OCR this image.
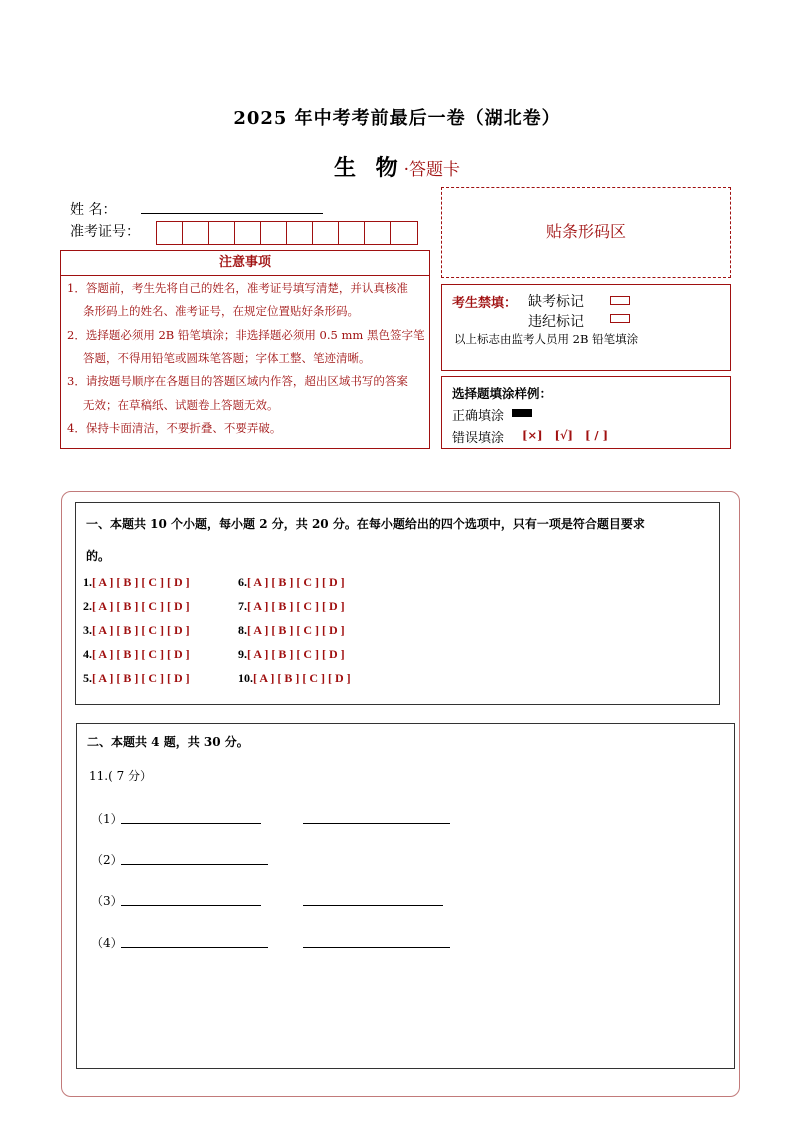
2025 年中考考前最后一卷（湖北卷）
生 物·答题卡
姓 名：
准考证号：
注意事项
1．答题前，考生先将自己的姓名，准考证号填写清楚，并认真核准
条形码上的姓名、准考证号，在规定位置贴好条形码。
2．选择题必须用 2B 铅笔填涂；非选择题必须用 0.5 mm 黑色签字笔
答题，不得用铅笔或圆珠笔答题；字体工整、笔迹清晰。
3．请按题号顺序在各题目的答题区域内作答，超出区域书写的答案
无效；在草稿纸、试题卷上答题无效。
4．保持卡面清洁，不要折叠、不要弄破。
贴条形码区
考生禁填： 缺考标记
违纪标记
以上标志由监考人员用 2B 铅笔填涂
选择题填涂样例：
正确填涂
错误填涂 [×]   [√]   [ / ]
一、本题共 10 个小题，每小题 2 分，共 20 分。在每小题给出的四个选项中，只有一项是符合题目要求
的。
1.[ A ] [ B ] [ C ] [ D ]
2.[ A ] [ B ] [ C ] [ D ]
3.[ A ] [ B ] [ C ] [ D ]
4.[ A ] [ B ] [ C ] [ D ]
5.[ A ] [ B ] [ C ] [ D ]
6.[ A ] [ B ] [ C ] [ D ]
7.[ A ] [ B ] [ C ] [ D ]
8.[ A ] [ B ] [ C ] [ D ]
9.[ A ] [ B ] [ C ] [ D ]
10.[ A ] [ B ] [ C ] [ D ]
二、本题共 4 题，共 30 分。
11.( 7 分）
（1）
（2）
（3）
（4）
